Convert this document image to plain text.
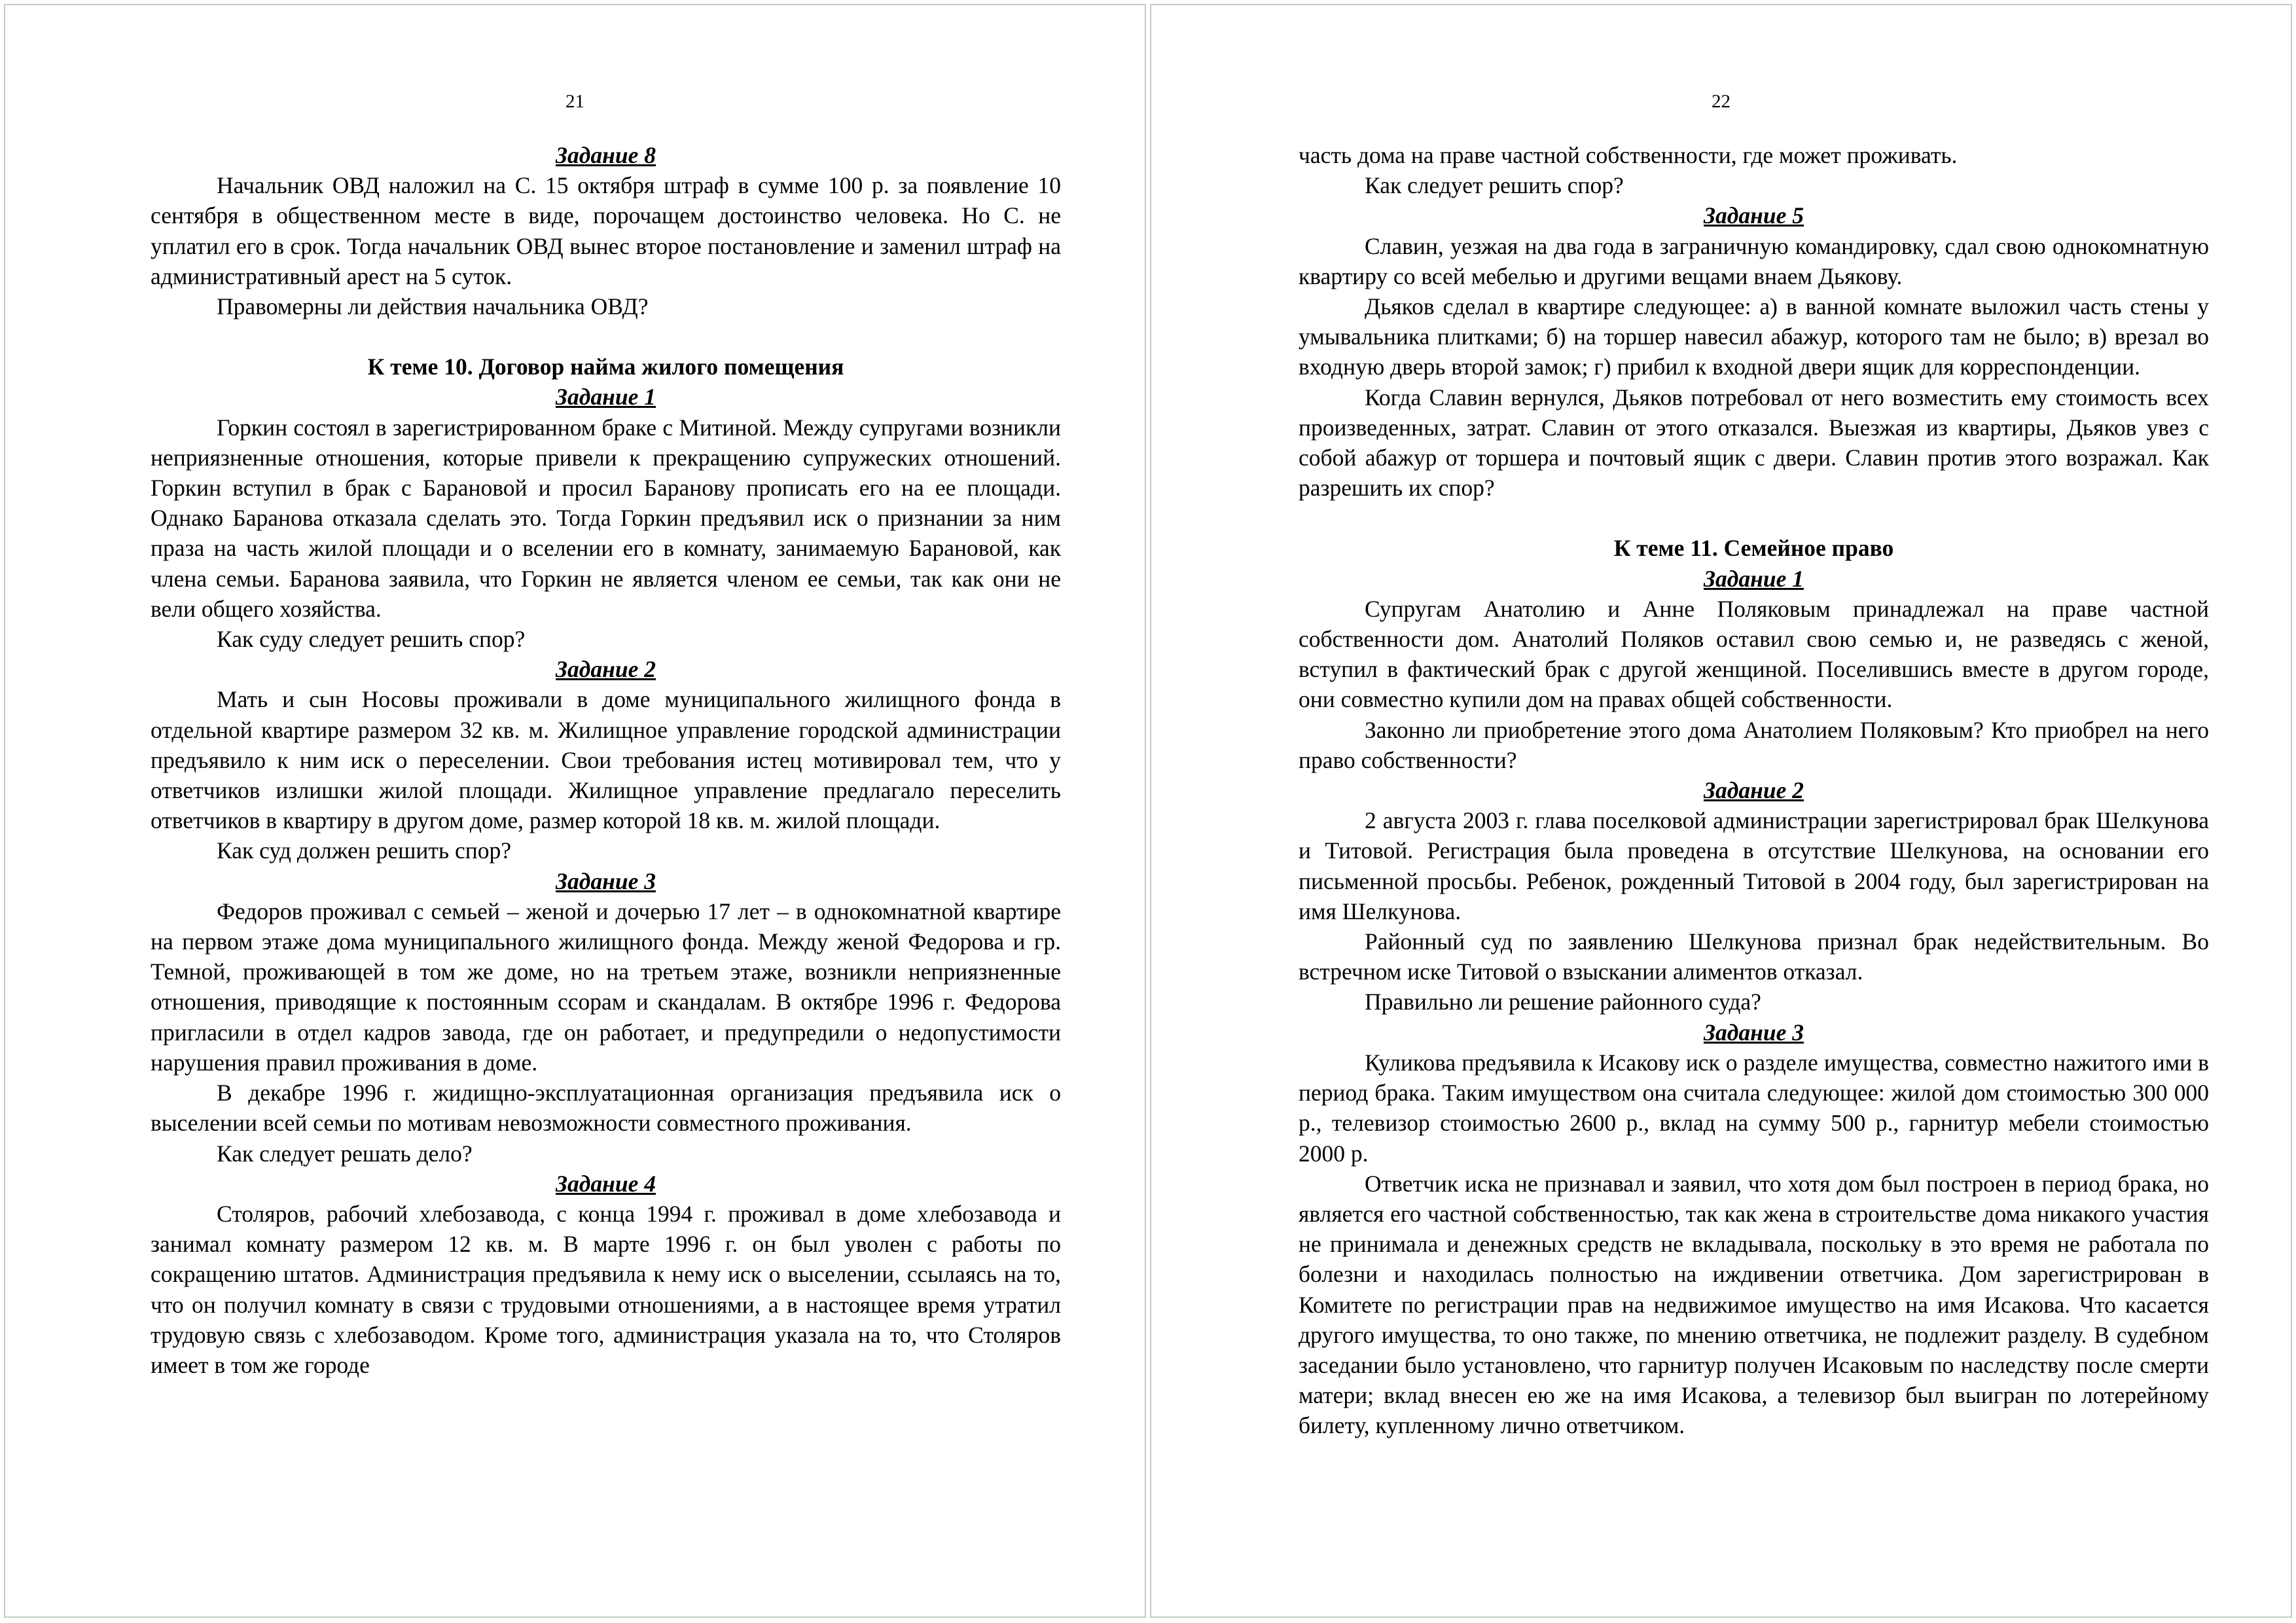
21
Задание 8

Начальник ОВД наложил на С. 15 октября штраф в сумме 100 р. за появление 10 сентября в общественном месте в виде, порочащем достоинство человека. Но С. не уплатил его в срок. Тогда начальник ОВД вынес второе постановление и заменил штраф на административный арест на 5 суток.

Правомерны ли действия начальника ОВД?

К теме 10. Договор найма жилого помещения
Задание 1

Горкин состоял в зарегистрированном браке с Митиной. Между супругами возникли неприязненные отношения, которые привели к прекращению супружеских отношений. Горкин вступил в брак с Барановой и просил Баранову прописать его на ее площади. Однако Баранова отказала сделать это. Тогда Горкин предъявил иск о признании за ним праза на часть жилой площади и о вселении его в комнату, занимаемую Барановой, как члена семьи. Баранова заявила, что Горкин не является членом ее семьи, так как они не вели общего хозяйства.

Как суду следует решить спор?

Задание 2

Мать и сын Носовы проживали в доме муниципального жилищного фонда в отдельной квартире размером 32 кв. м. Жилищное управление городской администрации предъявило к ним иск о переселении. Свои требования истец мотивировал тем, что у ответчиков излишки жилой площади. Жилищное управление предлагало переселить ответчиков в квартиру в другом доме, размер которой 18 кв. м. жилой площади.

Как суд должен решить спор?

Задание 3

Федоров проживал с семьей – женой и дочерью 17 лет – в однокомнатной квартире на первом этаже дома муниципального жилищного фонда. Между женой Федорова и гр. Темной, проживающей в том же доме, но на третьем этаже, возникли неприязненные отношения, приводящие к постоянным ссорам и скандалам. В октябре 1996 г. Федорова пригласили в отдел кадров завода, где он работает, и предупредили о недопустимости нарушения правил проживания в доме.

В декабре 1996 г. жидищно-эксплуатационная организация предъявила иск о выселении всей семьи по мотивам невозможности совместного проживания.

Как следует решать дело?

Задание 4

Столяров, рабочий хлебозавода, с конца 1994 г. проживал в доме хлебозавода и занимал комнату размером 12 кв. м. В марте 1996 г. он был уволен с работы по сокращению штатов. Администрация предъявила к нему иск о выселении, ссылаясь на то, что он получил комнату в связи с трудовыми отношениями, а в настоящее время утратил трудовую связь с хлебозаводом. Кроме того, администрация указала на то, что Столяров имеет в том же городе

22

часть дома на праве частной собственности, где может проживать.

Как следует решить спор?

Задание 5

Славин, уезжая на два года в заграничную командировку, сдал свою однокомнатную квартиру со всей мебелью и другими вещами внаем Дьякову.

Дьяков сделал в квартире следующее: а) в ванной комнате выложил часть стены у умывальника плитками; б) на торшер навесил абажур, которого там не было; в) врезал во входную дверь второй замок; г) прибил к входной двери ящик для корреспонденции.

Когда Славин вернулся, Дьяков потребовал от него возместить ему стоимость всех произведенных, затрат. Славин от этого отказался. Выезжая из квартиры, Дьяков увез с собой абажур от торшера и почтовый ящик с двери. Славин против этого возражал. Как разрешить их спор?

К теме 11. Семейное право
Задание 1

Супругам Анатолию и Анне Поляковым принадлежал на праве частной собственности дом. Анатолий Поляков оставил свою семью и, не разведясь с женой, вступил в фактический брак с другой женщиной. Поселившись вместе в другом городе, они совместно купили дом на правах общей собственности.

Законно ли приобретение этого дома Анатолием Поляковым? Кто приобрел на него право собственности?

Задание 2

2 августа 2003 г. глава поселковой администрации зарегистрировал брак Шелкунова и Титовой. Регистрация была проведена в отсутствие Шелкунова, на основании его письменной просьбы. Ребенок, рожденный Титовой в 2004 году, был зарегистрирован на имя Шелкунова.

Районный суд по заявлению Шелкунова признал брак недействительным. Во встречном иске Титовой о взыскании алиментов отказал.

Правильно ли решение районного суда?

Задание 3

Куликова предъявила к Исакову иск о разделе имущества, совместно нажитого ими в период брака. Таким имуществом она считала следующее: жилой дом стоимостью 300 000 р., телевизор стоимостью 2600 р., вклад на сумму 500 р., гарнитур мебели стоимостью 2000 р.

Ответчик иска не признавал и заявил, что хотя дом был построен в период брака, но является его частной собственностью, так как жена в строительстве дома никакого участия не принимала и денежных средств не вкладывала, поскольку в это время не работала по болезни и находилась полностью на иждивении ответчика. Дом зарегистрирован в Комитете по регистрации прав на недвижимое имущество на имя Исакова. Что касается другого имущества, то оно также, по мнению ответчика, не подлежит разделу. В судебном заседании было установлено, что гарнитур получен Исаковым по наследству после смерти матери; вклад внесен ею же на имя Исакова, а телевизор был выигран по лотерейному билету, купленному лично ответчиком.
